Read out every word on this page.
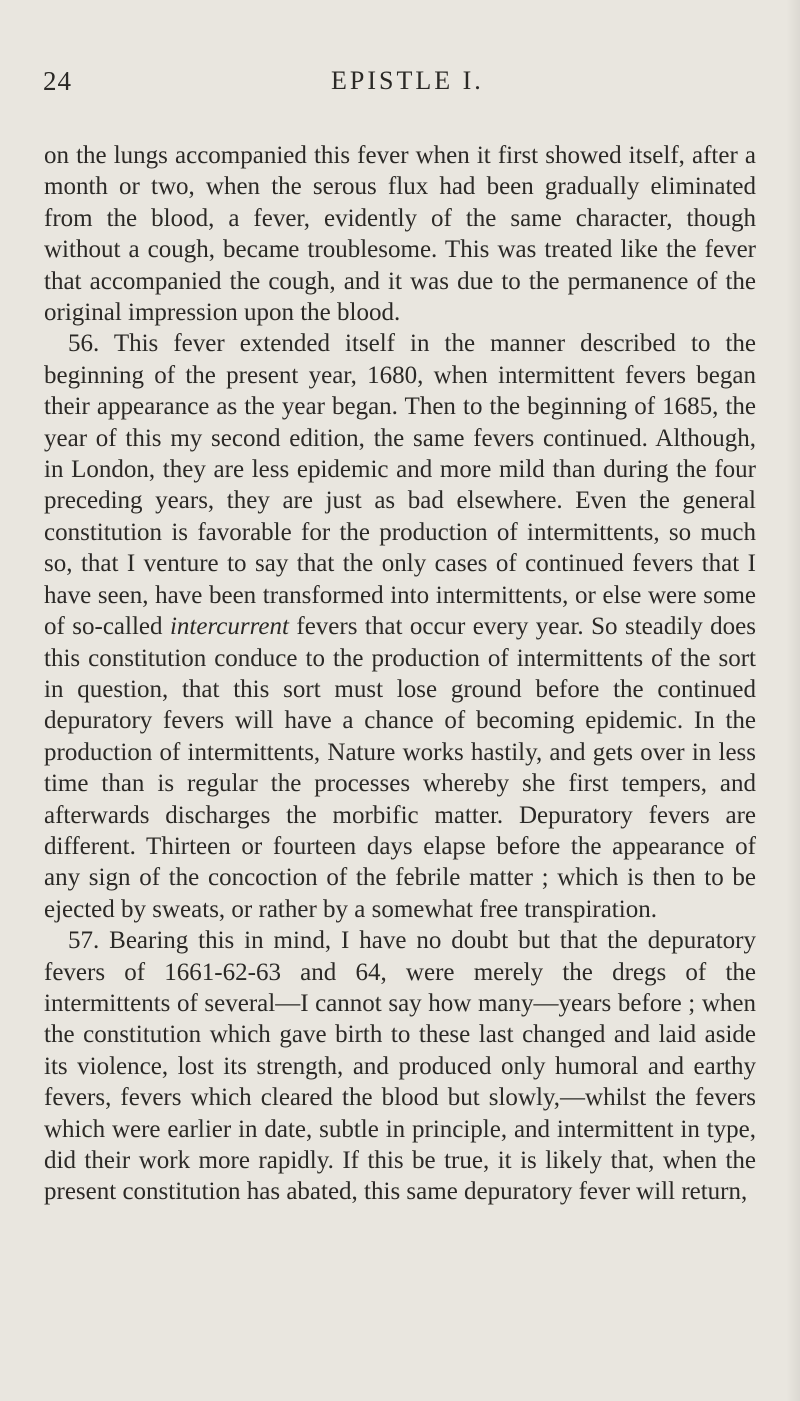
24	EPISTLE I.

on the lungs accompanied this fever when it first showed itself, after a month or two, when the serous flux had been gradually eliminated from the blood, a fever, evidently of the same character, though without a cough, became troublesome. This was treated like the fever that accompanied the cough, and it was due to the permanence of the original impression upon the blood.

56. This fever extended itself in the manner described to the beginning of the present year, 1680, when intermittent fevers began their appearance as the year began. Then to the beginning of 1685, the year of this my second edition, the same fevers continued. Although, in London, they are less epidemic and more mild than during the four preceding years, they are just as bad elsewhere. Even the general constitution is favorable for the production of intermittents, so much so, that I venture to say that the only cases of continued fevers that I have seen, have been transformed into intermittents, or else were some of so-called intercurrent fevers that occur every year. So steadily does this constitution conduce to the production of intermittents of the sort in question, that this sort must lose ground before the continued depuratory fevers will have a chance of becoming epidemic. In the production of intermittents, Nature works hastily, and gets over in less time than is regular the processes whereby she first tempers, and afterwards discharges the morbific matter. Depuratory fevers are different. Thirteen or fourteen days elapse before the appearance of any sign of the concoction of the febrile matter ; which is then to be ejected by sweats, or rather by a somewhat free transpiration.

57. Bearing this in mind, I have no doubt but that the depuratory fevers of 1661-62-63 and 64, were merely the dregs of the intermittents of several—I cannot say how many—years before ; when the constitution which gave birth to these last changed and laid aside its violence, lost its strength, and produced only humoral and earthy fevers, fevers which cleared the blood but slowly,—whilst the fevers which were earlier in date, subtle in principle, and intermittent in type, did their work more rapidly. If this be true, it is likely that, when the present constitution has abated, this same depuratory fever will return,
